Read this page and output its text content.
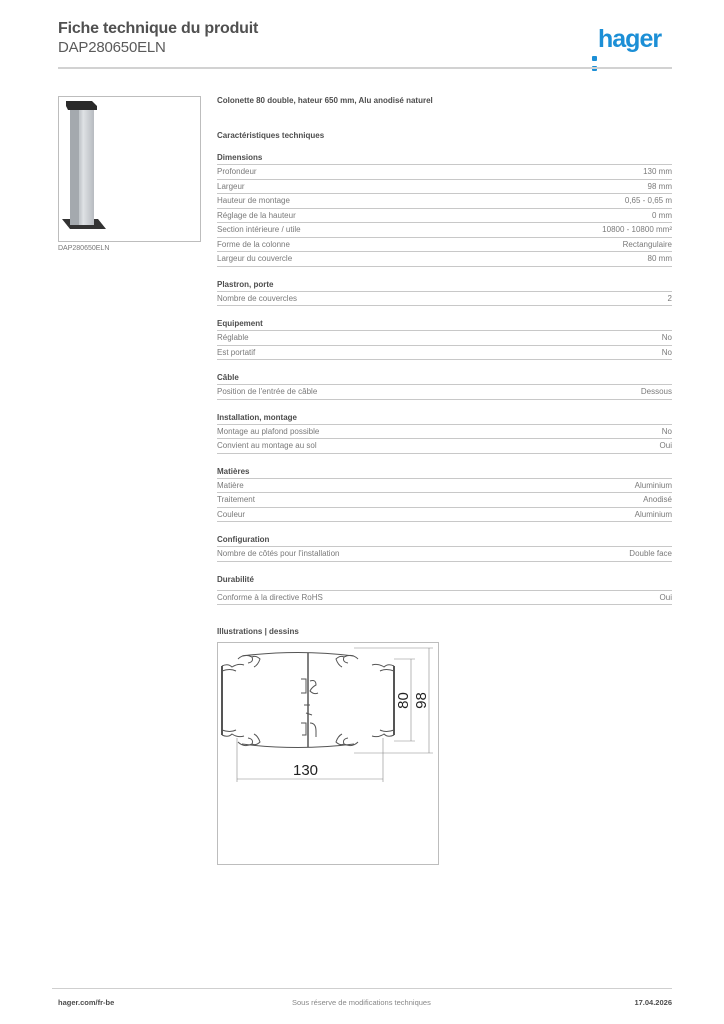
Fiche technique du produit
DAP280650ELN	hager
DAP280650ELN
Colonette 80 double, hateur 650 mm, Alu anodisé naturel
Caractéristiques techniques
Dimensions
Profondeur	130 mm
Largeur	98 mm
Hauteur de montage	0,65 - 0,65 m
Réglage de la hauteur	0 mm
Section intérieure / utile	10800 - 10800 mm²
Forme de la colonne	Rectangulaire
Largeur du couvercle	80 mm
Plastron, porte
Nombre de couvercles	2
Equipement
Réglable	No
Est portatif	No
Câble
Position de l'entrée de câble	Dessous
Installation, montage
Montage au plafond possible	No
Convient au montage au sol	Oui
Matières
Matière	Aluminium
Traitement	Anodisé
Couleur	Aluminium
Configuration
Nombre de côtés pour l'installation	Double face
Durabilité
Conforme à la directive RoHS	Oui
Illustrations | dessins
130
80 98
hager.com/fr-be	Sous réserve de modifications techniques	17.04.2026
